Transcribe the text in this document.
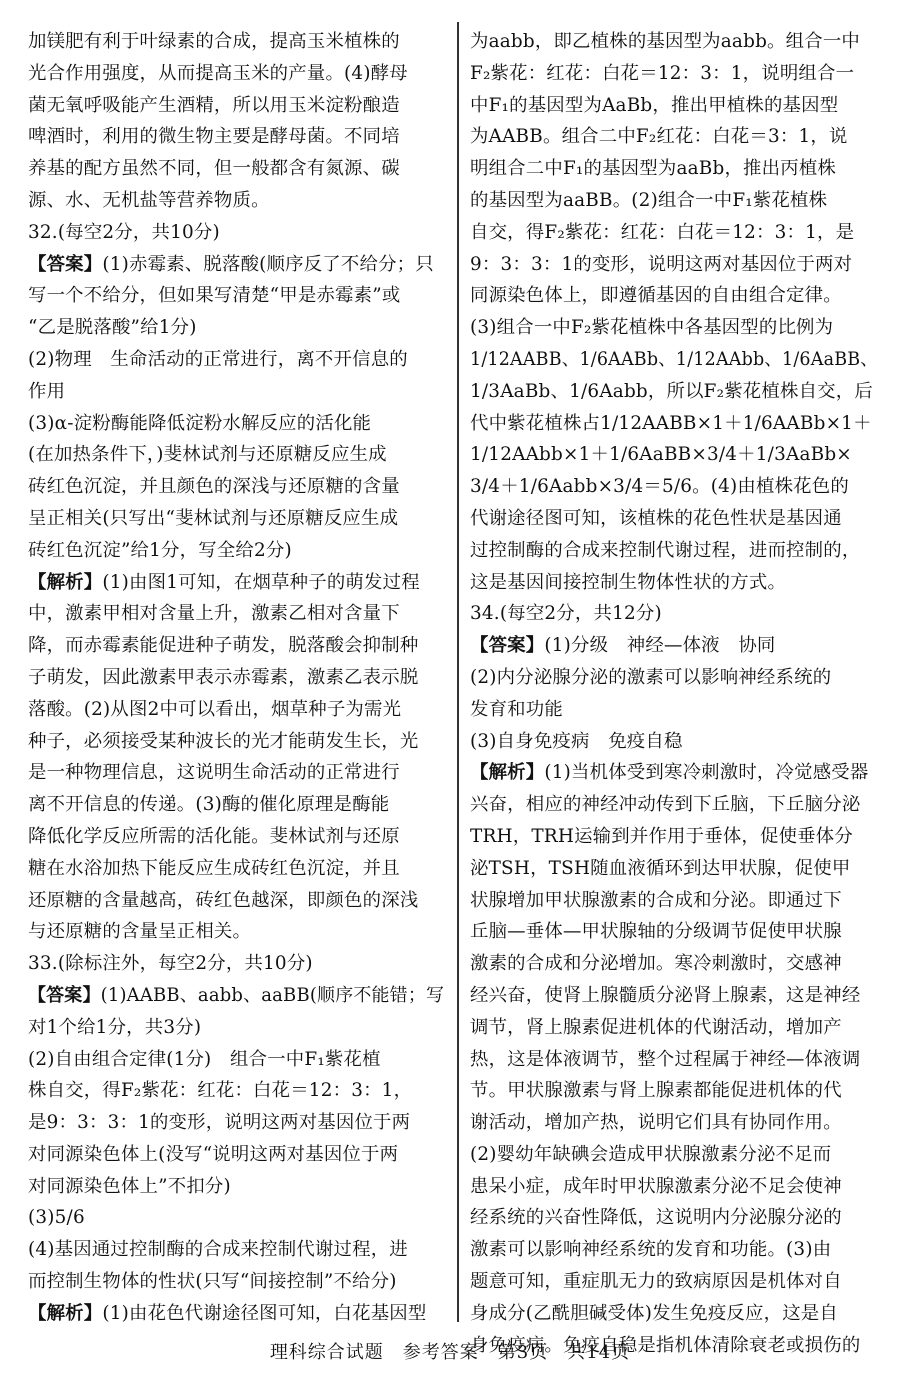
加镁肥有利于叶绿素的合成，提高玉米植株的
光合作用强度，从而提高玉米的产量。(4)酵母
菌无氧呼吸能产生酒精，所以用玉米淀粉酿造
啤酒时，利用的微生物主要是酵母菌。不同培
养基的配方虽然不同，但一般都含有氮源、碳
源、水、无机盐等营养物质。
32.(每空2分，共10分)
【答案】(1)赤霉素、脱落酸(顺序反了不给分；只
写一个不给分，但如果写清楚“甲是赤霉素”或
“乙是脱落酸”给1分)
(2)物理　生命活动的正常进行，离不开信息的
作用
(3)α-淀粉酶能降低淀粉水解反应的活化能
(在加热条件下，)斐林试剂与还原糖反应生成
砖红色沉淀，并且颜色的深浅与还原糖的含量
呈正相关(只写出“斐林试剂与还原糖反应生成
砖红色沉淀”给1分，写全给2分)
【解析】(1)由图1可知，在烟草种子的萌发过程
中，激素甲相对含量上升，激素乙相对含量下
降，而赤霉素能促进种子萌发，脱落酸会抑制种
子萌发，因此激素甲表示赤霉素，激素乙表示脱
落酸。(2)从图2中可以看出，烟草种子为需光
种子，必须接受某种波长的光才能萌发生长，光
是一种物理信息，这说明生命活动的正常进行
离不开信息的传递。(3)酶的催化原理是酶能
降低化学反应所需的活化能。斐林试剂与还原
糖在水浴加热下能反应生成砖红色沉淀，并且
还原糖的含量越高，砖红色越深，即颜色的深浅
与还原糖的含量呈正相关。
33.(除标注外，每空2分，共10分)
【答案】(1)AABB、aabb、aaBB(顺序不能错；写
对1个给1分，共3分)
(2)自由组合定律(1分)　组合一中F₁紫花植
株自交，得F₂紫花：红花：白花＝12：3：1，
是9：3：3：1的变形，说明这两对基因位于两
对同源染色体上(没写“说明这两对基因位于两
对同源染色体上”不扣分)
(3)5/6
(4)基因通过控制酶的合成来控制代谢过程，进
而控制生物体的性状(只写“间接控制”不给分)
【解析】(1)由花色代谢途径图可知，白花基因型
为aabb，即乙植株的基因型为aabb。组合一中
F₂紫花：红花：白花＝12：3：1，说明组合一
中F₁的基因型为AaBb，推出甲植株的基因型
为AABB。组合二中F₂红花：白花＝3：1，说
明组合二中F₁的基因型为aaBb，推出丙植株
的基因型为aaBB。(2)组合一中F₁紫花植株
自交，得F₂紫花：红花：白花＝12：3：1，是
9：3：3：1的变形，说明这两对基因位于两对
同源染色体上，即遵循基因的自由组合定律。
(3)组合一中F₂紫花植株中各基因型的比例为
1/12AABB、1/6AABb、1/12AAbb、1/6AaBB、
1/3AaBb、1/6Aabb，所以F₂紫花植株自交，后
代中紫花植株占1/12AABB×1＋1/6AABb×1＋
1/12AAbb×1＋1/6AaBB×3/4＋1/3AaBb×
3/4＋1/6Aabb×3/4＝5/6。(4)由植株花色的
代谢途径图可知，该植株的花色性状是基因通
过控制酶的合成来控制代谢过程，进而控制的，
这是基因间接控制生物体性状的方式。
34.(每空2分，共12分)
【答案】(1)分级　神经—体液　协同
(2)内分泌腺分泌的激素可以影响神经系统的
发育和功能
(3)自身免疫病　免疫自稳
【解析】(1)当机体受到寒冷刺激时，冷觉感受器
兴奋，相应的神经冲动传到下丘脑，下丘脑分泌
TRH，TRH运输到并作用于垂体，促使垂体分
泌TSH，TSH随血液循环到达甲状腺，促使甲
状腺增加甲状腺激素的合成和分泌。即通过下
丘脑—垂体—甲状腺轴的分级调节促使甲状腺
激素的合成和分泌增加。寒冷刺激时，交感神
经兴奋，使肾上腺髓质分泌肾上腺素，这是神经
调节，肾上腺素促进机体的代谢活动，增加产
热，这是体液调节，整个过程属于神经—体液调
节。甲状腺激素与肾上腺素都能促进机体的代
谢活动，增加产热，说明它们具有协同作用。
(2)婴幼年缺碘会造成甲状腺激素分泌不足而
患呆小症，成年时甲状腺激素分泌不足会使神
经系统的兴奋性降低，这说明内分泌腺分泌的
激素可以影响神经系统的发育和功能。(3)由
题意可知，重症肌无力的致病原因是机体对自
身成分(乙酰胆碱受体)发生免疫反应，这是自
身免疫病。免疫自稳是指机体清除衰老或损伤的
理科综合试题　参考答案　第3页　共14页
